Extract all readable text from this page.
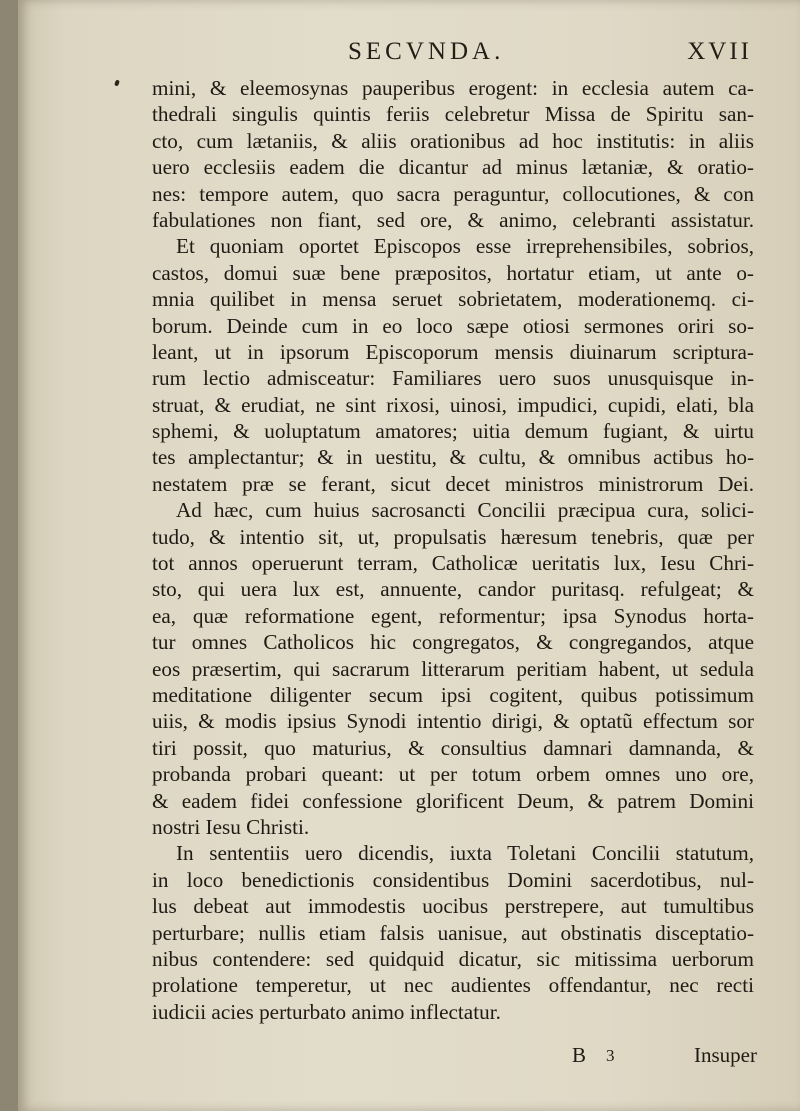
SECVNDA.	XVII
mini, & eleemosynas pauperibus erogent: in ecclesia autem ca-
thedrali singulis quintis feriis celebretur Missa de Spiritu san-
cto, cum lætaniis, & aliis orationibus ad hoc institutis: in aliis
uero ecclesiis eadem die dicantur ad minus lætaniæ, & oratio-
nes: tempore autem, quo sacra peraguntur, collocutiones, & con
fabulationes non fiant, sed ore, & animo, celebranti assistatur.
Et quoniam oportet Episcopos esse irreprehensibiles, sobrios,
castos, domui suæ bene præpositos, hortatur etiam, ut ante o-
mnia quilibet in mensa seruet sobrietatem, moderationemq. ci-
borum. Deinde cum in eo loco sæpe otiosi sermones oriri so-
leant, ut in ipsorum Episcoporum mensis diuinarum scriptura-
rum lectio admisceatur: Familiares uero suos unusquisque in-
struat, & erudiat, ne sint rixosi, uinosi, impudici, cupidi, elati, bla
sphemi, & uoluptatum amatores; uitia demum fugiant, & uirtu
tes amplectantur; & in uestitu, & cultu, & omnibus actibus ho-
nestatem præ se ferant, sicut decet ministros ministrorum Dei.
Ad hæc, cum huius sacrosancti Concilii præcipua cura, solici-
tudo, & intentio sit, ut, propulsatis hæresum tenebris, quæ per
tot annos operuerunt terram, Catholicæ ueritatis lux, Iesu Chri-
sto, qui uera lux est, annuente, candor puritasq. refulgeat; &
ea, quæ reformatione egent, reformentur; ipsa Synodus horta-
tur omnes Catholicos hic congregatos, & congregandos, atque
eos præsertim, qui sacrarum litterarum peritiam habent, ut sedula
meditatione diligenter secum ipsi cogitent, quibus potissimum
uiis, & modis ipsius Synodi intentio dirigi, & optatũ effectum sor
tiri possit, quo maturius, & consultius damnari damnanda, &
probanda probari queant: ut per totum orbem omnes uno ore,
& eadem fidei confessione glorificent Deum, & patrem Domini
nostri Iesu Christi.
In sententiis uero dicendis, iuxta Toletani Concilii statutum,
in loco benedictionis considentibus Domini sacerdotibus, nul-
lus debeat aut immodestis uocibus perstrepere, aut tumultibus
perturbare; nullis etiam falsis uanisue, aut obstinatis disceptatio-
nibus contendere: sed quidquid dicatur, sic mitissima uerborum
prolatione temperetur, ut nec audientes offendantur, nec recti
iudicii acies perturbato animo inflectatur.
B 3	Insuper
